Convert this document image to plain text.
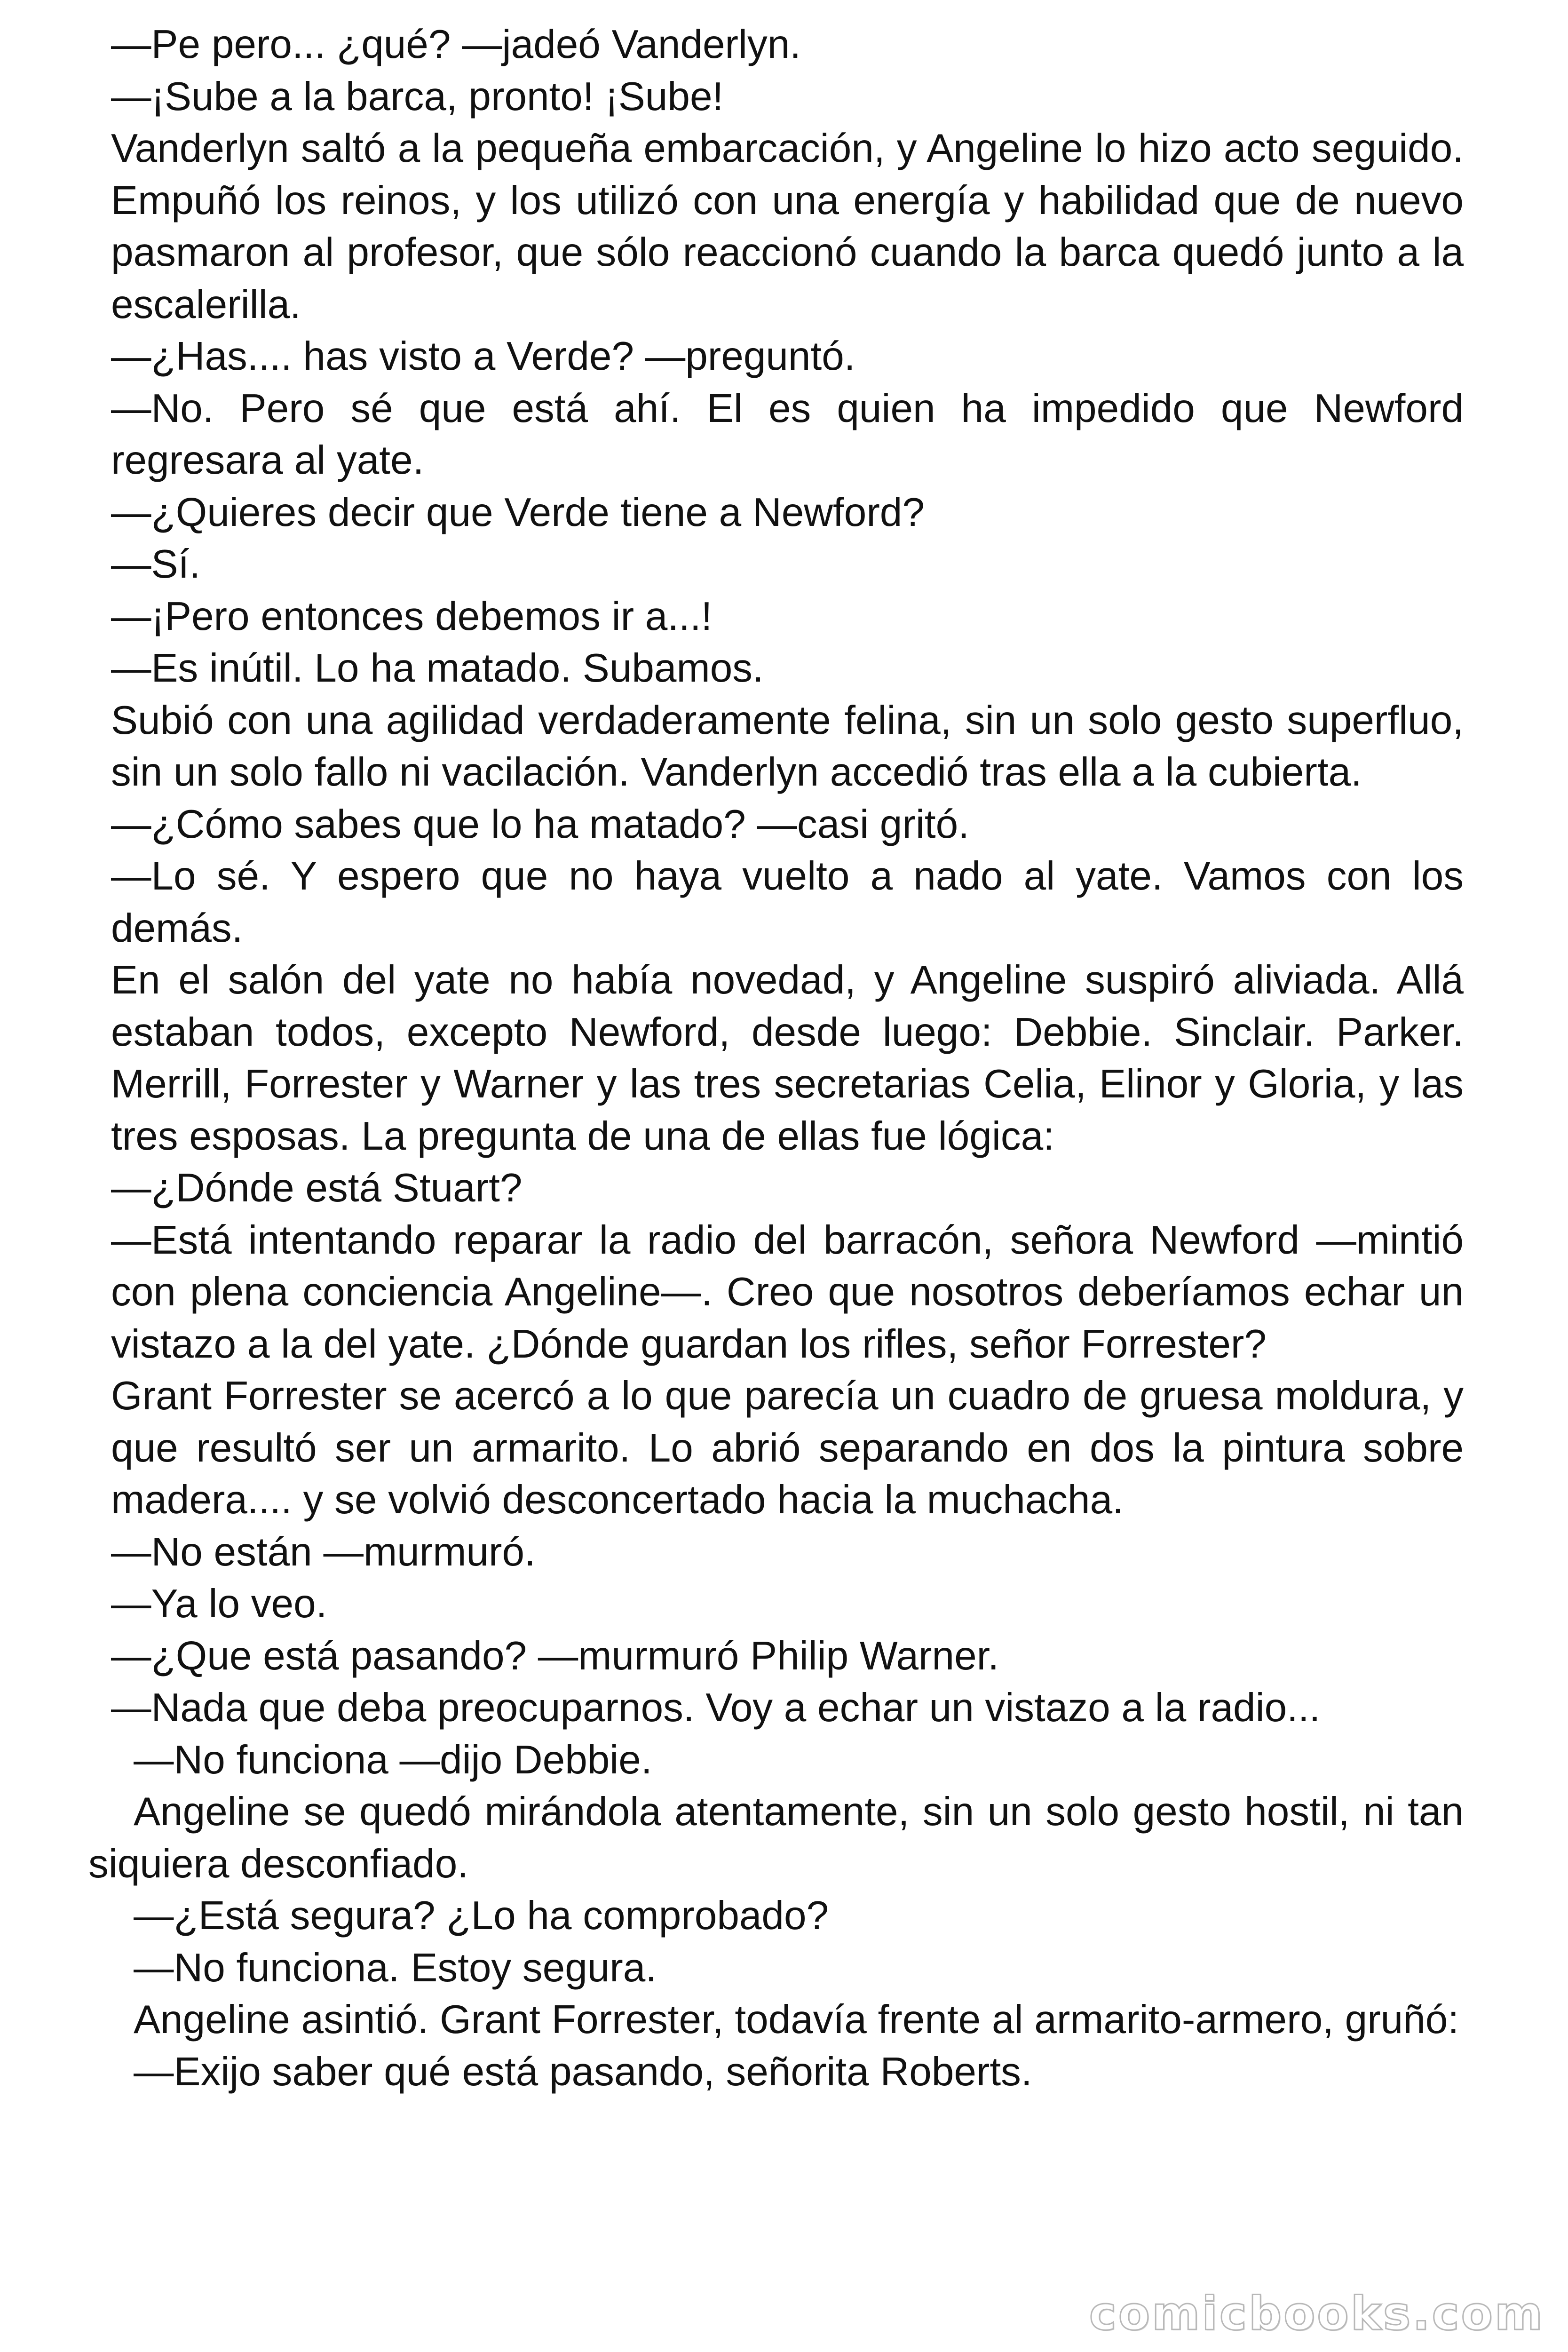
—Pe pero... ¿qué? —jadeó Vanderlyn.

—¡Sube a la barca, pronto! ¡Sube!

Vanderlyn saltó a la pequeña embarcación, y Angeline lo hizo acto seguido. Empuñó los reinos, y los utilizó con una energía y habilidad que de nuevo pasmaron al profesor, que sólo reaccionó cuando la barca quedó junto a la escalerilla.

—¿Has.... has visto a Verde? —preguntó.

—No. Pero sé que está ahí. El es quien ha impedido que Newford regresara al yate.

—¿Quieres decir que Verde tiene a Newford?

—Sí.

—¡Pero entonces debemos ir a...!

—Es inútil. Lo ha matado. Subamos.

Subió con una agilidad verdaderamente felina, sin un solo gesto superfluo, sin un solo fallo ni vacilación. Vanderlyn accedió tras ella a la cubierta.

—¿Cómo sabes que lo ha matado? —casi gritó.

—Lo sé. Y espero que no haya vuelto a nado al yate. Vamos con los demás.

En el salón del yate no había novedad, y Angeline suspiró aliviada. Allá estaban todos, excepto Newford, desde luego: Debbie. Sinclair. Parker. Merrill, Forrester y Warner y las tres secretarias Celia, Elinor y Gloria, y las tres esposas. La pregunta de una de ellas fue lógica:

—¿Dónde está Stuart?

—Está intentando reparar la radio del barracón, señora Newford —mintió con plena conciencia Angeline—. Creo que nosotros deberíamos echar un vistazo a la del yate. ¿Dónde guardan los rifles, señor Forrester?

Grant Forrester se acercó a lo que parecía un cuadro de gruesa moldura, y que resultó ser un armarito. Lo abrió separando en dos la pintura sobre madera.... y se volvió desconcertado hacia la muchacha.

—No están —murmuró.

—Ya lo veo.

—¿Que está pasando? —murmuró Philip Warner.

—Nada que deba preocuparnos. Voy a echar un vistazo a la radio...

—No funciona —dijo Debbie.

Angeline se quedó mirándola atentamente, sin un solo gesto hostil, ni tan siquiera desconfiado.

—¿Está segura? ¿Lo ha comprobado?

—No funciona. Estoy segura.

Angeline asintió. Grant Forrester, todavía frente al armarito-armero, gruñó:

—Exijo saber qué está pasando, señorita Roberts.

comicbooks.com
